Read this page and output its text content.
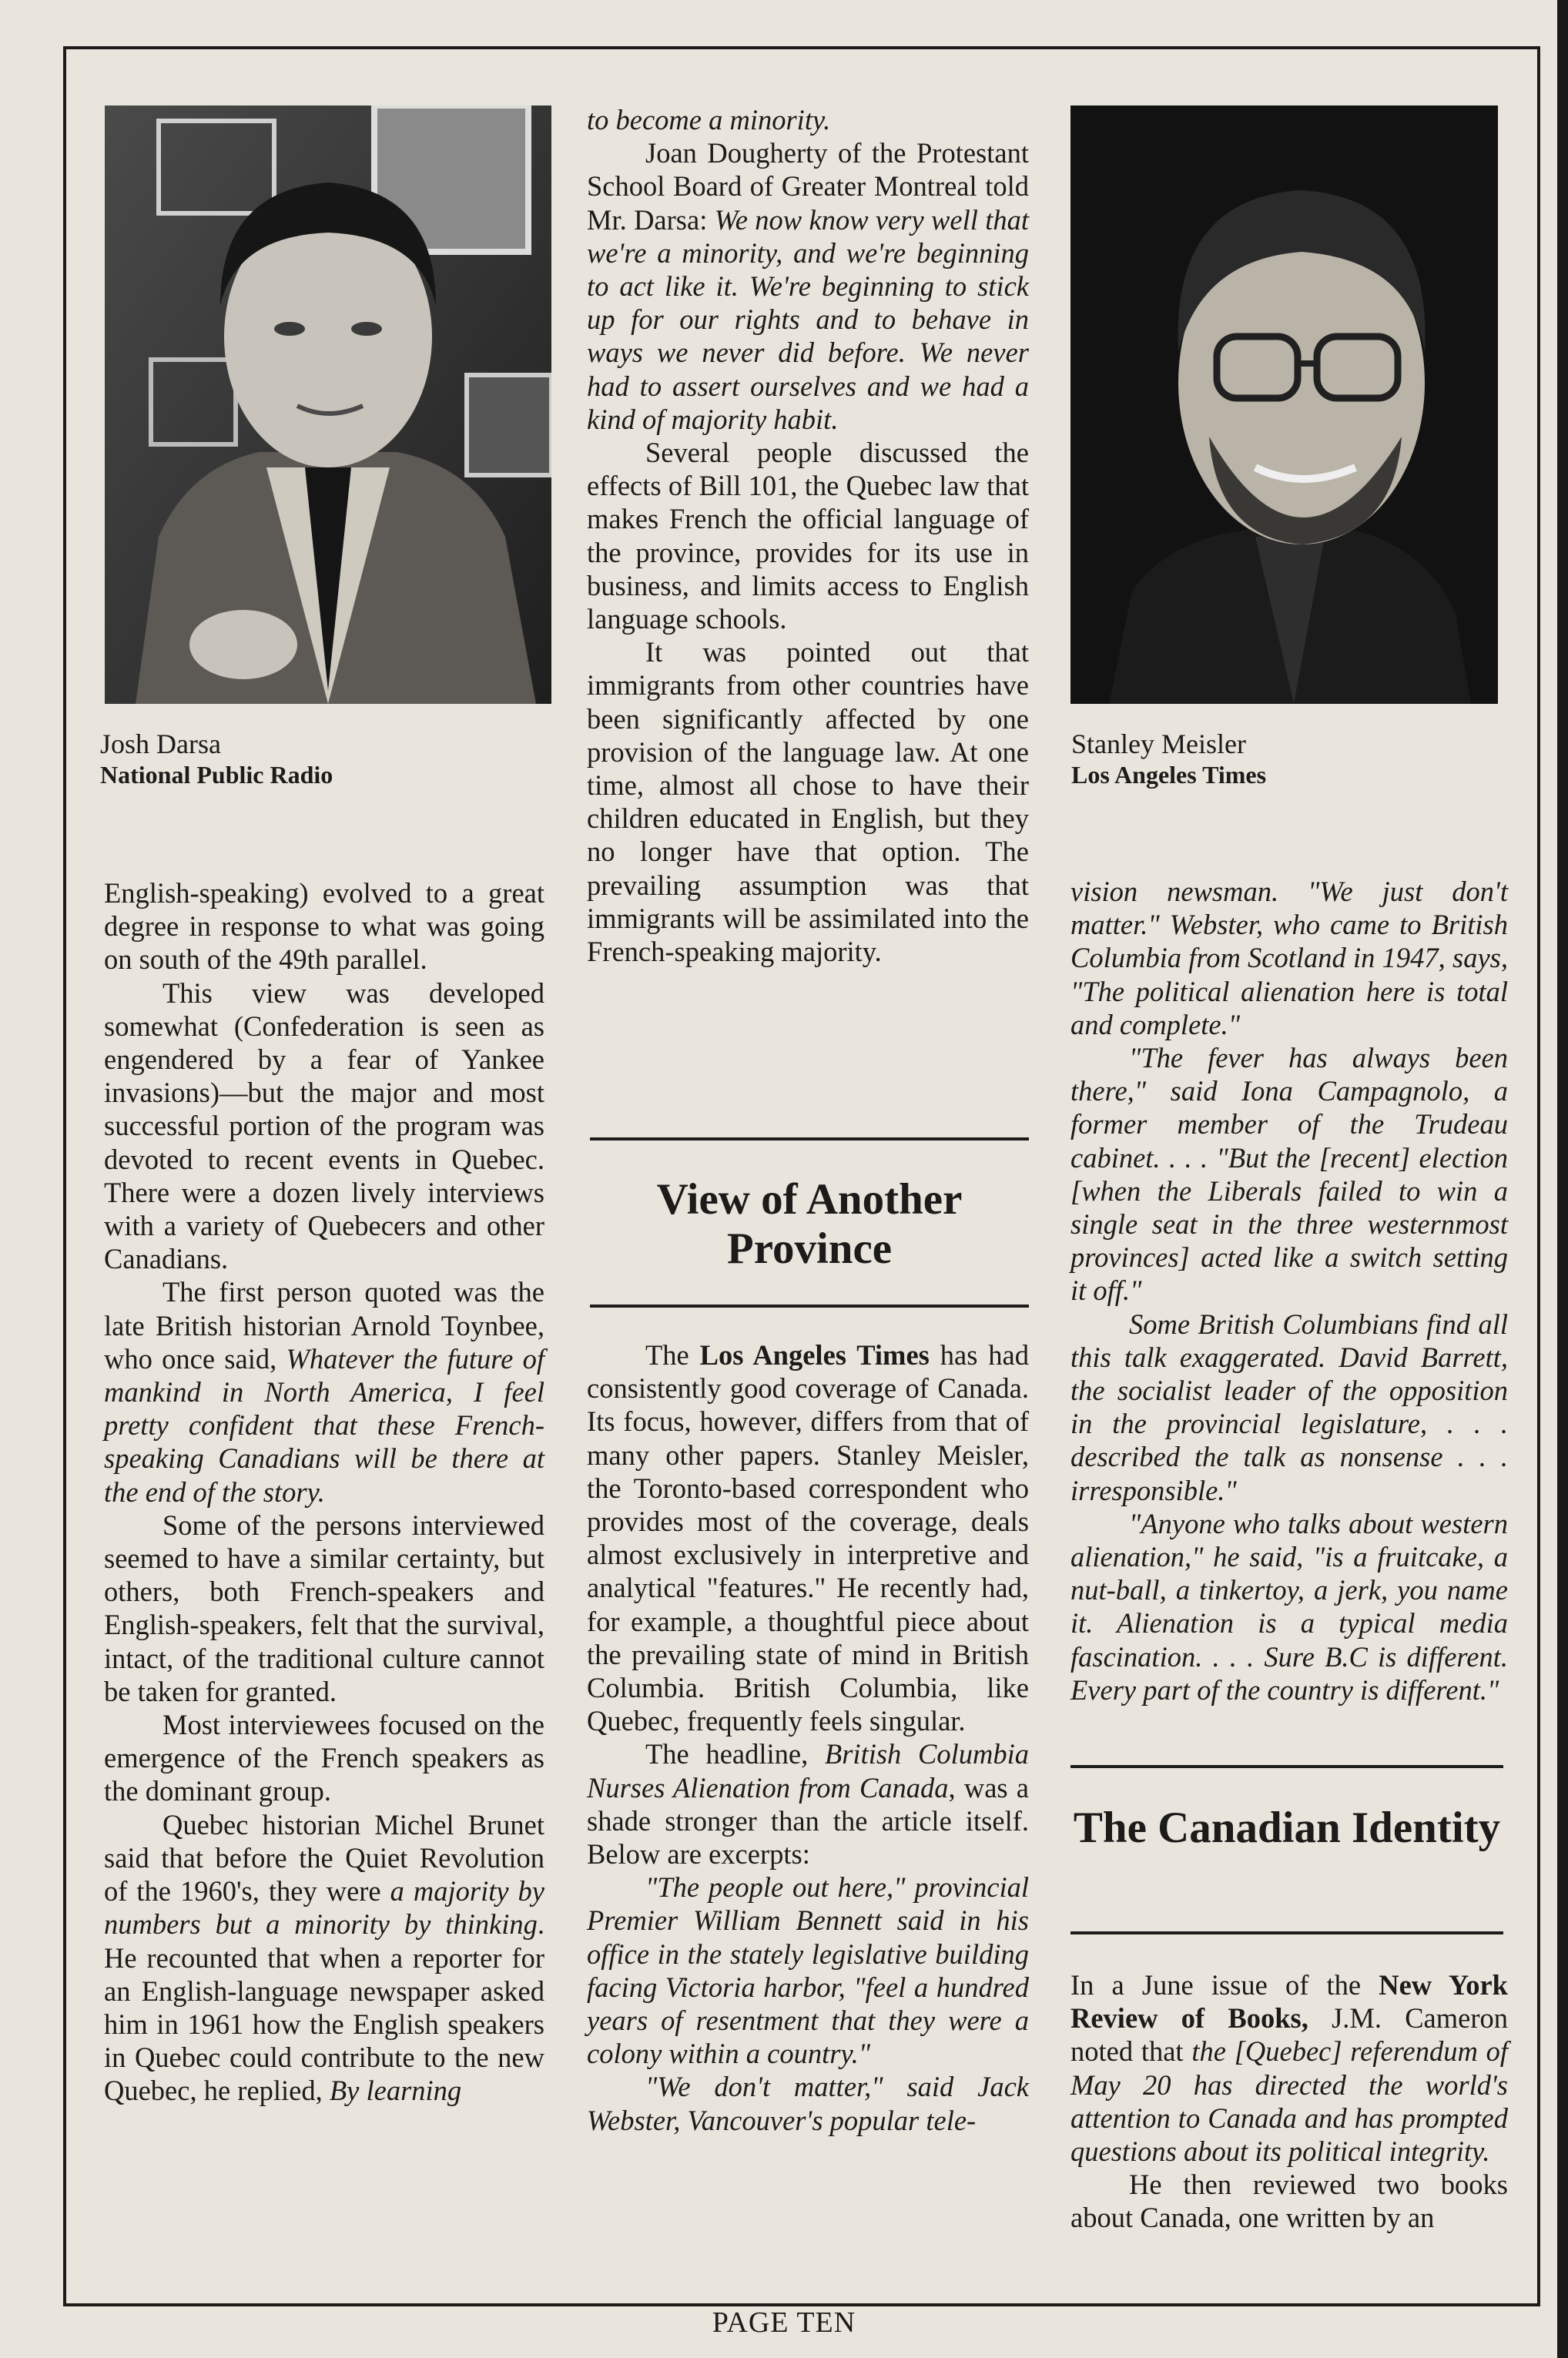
Josh Darsa
National Public Radio
Stanley Meisler
Los Angeles Times

English-speaking) evolved to a great degree in response to what was going on south of the 49th parallel.

This view was developed somewhat (Confederation is seen as engendered by a fear of Yankee invasions)—but the major and most successful portion of the program was devoted to recent events in Quebec. There were a dozen lively interviews with a variety of Quebecers and other Canadians.

The first person quoted was the late British historian Arnold Toynbee, who once said, Whatever the future of mankind in North America, I feel pretty confident that these French-speaking Canadians will be there at the end of the story.

Some of the persons interviewed seemed to have a similar certainty, but others, both French-speakers and English-speakers, felt that the survival, intact, of the traditional culture cannot be taken for granted.

Most interviewees focused on the emergence of the French speakers as the dominant group.

Quebec historian Michel Brunet said that before the Quiet Revolution of the 1960's, they were a majority by numbers but a minority by thinking. He recounted that when a reporter for an English-language newspaper asked him in 1961 how the English speakers in Quebec could contribute to the new Quebec, he replied, By learning

to become a minority.

Joan Dougherty of the Protestant School Board of Greater Montreal told Mr. Darsa: We now know very well that we're a minority, and we're beginning to act like it. We're beginning to stick up for our rights and to behave in ways we never did before. We never had to assert ourselves and we had a kind of majority habit.

Several people discussed the effects of Bill 101, the Quebec law that makes French the official language of the province, provides for its use in business, and limits access to English language schools.

It was pointed out that immigrants from other countries have been significantly affected by one provision of the language law. At one time, almost all chose to have their children educated in English, but they no longer have that option. The prevailing assumption was that immigrants will be assimilated into the French-speaking majority.

View of Another Province

The Los Angeles Times has had consistently good coverage of Canada. Its focus, however, differs from that of many other papers. Stanley Meisler, the Toronto-based correspondent who provides most of the coverage, deals almost exclusively in interpretive and analytical "features." He recently had, for example, a thoughtful piece about the prevailing state of mind in British Columbia. British Columbia, like Quebec, frequently feels singular.

The headline, British Columbia Nurses Alienation from Canada, was a shade stronger than the article itself. Below are excerpts:

"The people out here," provincial Premier William Bennett said in his office in the stately legislative building facing Victoria harbor, "feel a hundred years of resentment that they were a colony within a country."

"We don't matter," said Jack Webster, Vancouver's popular tele-

vision newsman. "We just don't matter." Webster, who came to British Columbia from Scotland in 1947, says, "The political alienation here is total and complete."

"The fever has always been there," said Iona Campagnolo, a former member of the Trudeau cabinet. . . . "But the [recent] election [when the Liberals failed to win a single seat in the three westernmost provinces] acted like a switch setting it off."

Some British Columbians find all this talk exaggerated. David Barrett, the socialist leader of the opposition in the provincial legislature, . . . described the talk as nonsense . . . irresponsible."

"Anyone who talks about western alienation," he said, "is a fruitcake, a nut-ball, a tinkertoy, a jerk, you name it. Alienation is a typical media fascination. . . . Sure B.C is different. Every part of the country is different."

The Canadian Identity

In a June issue of the New York Review of Books, J.M. Cameron noted that the [Quebec] referendum of May 20 has directed the world's attention to Canada and has prompted questions about its political integrity.

He then reviewed two books about Canada, one written by an

PAGE TEN
